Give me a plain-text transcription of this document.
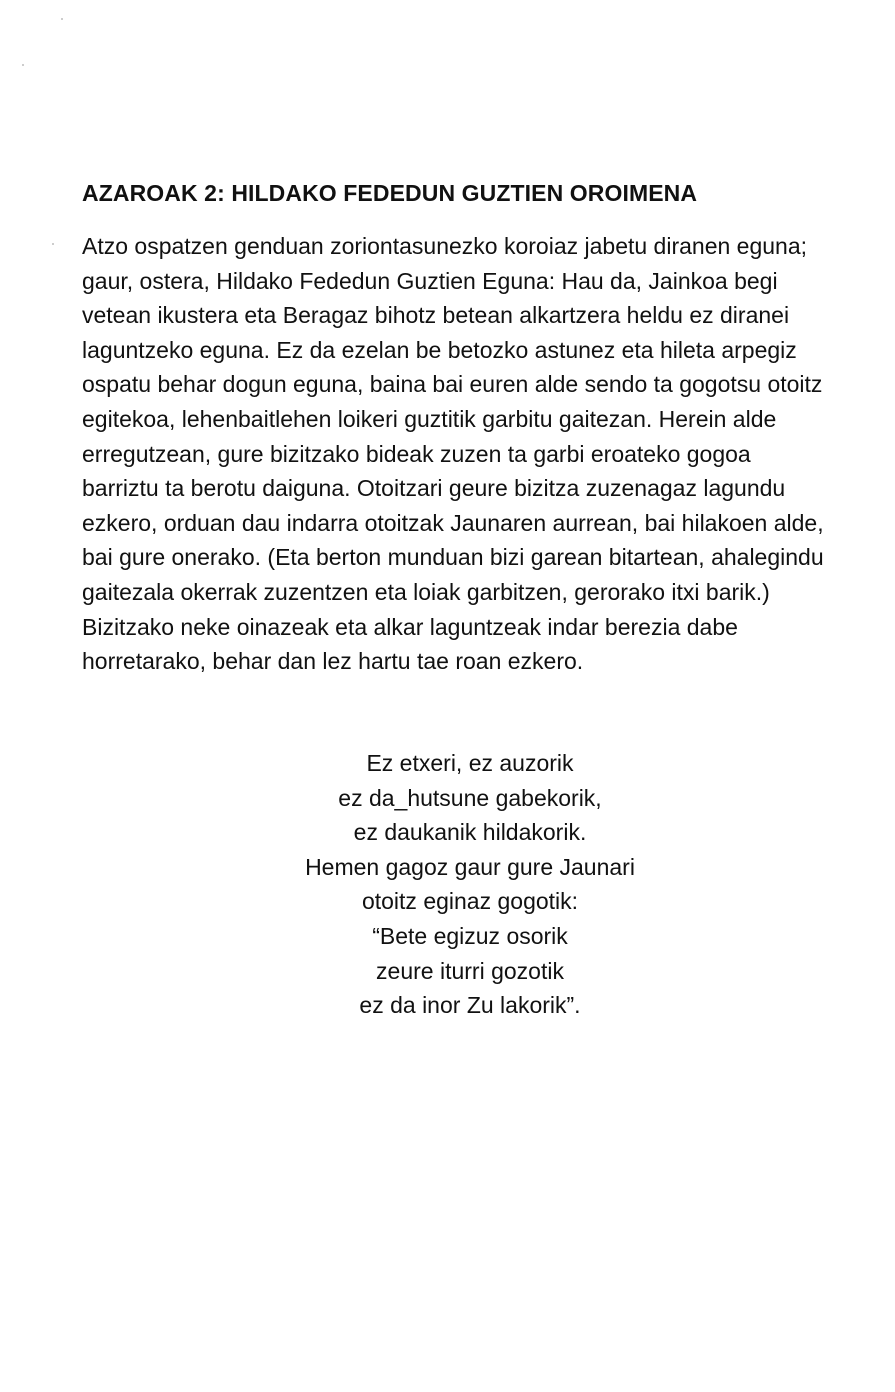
AZAROAK 2: HILDAKO FEDEDUN GUZTIEN OROIMENA
Atzo ospatzen genduan zoriontasunezko koroiaz jabetu diranen eguna;
gaur, ostera, Hildako Fededun Guztien Eguna: Hau da, Jainkoa begi
vetean ikustera eta Beragaz bihotz betean alkartzera heldu ez diranei
laguntzeko eguna. Ez da ezelan be betozko astunez eta hileta arpegiz
ospatu behar dogun eguna, baina bai euren alde sendo ta gogotsu otoitz
egitekoa, lehenbaitlehen loikeri guztitik garbitu gaitezan. Herein alde
erregutzean, gure bizitzako bideak zuzen ta garbi eroateko gogoa
barriztu ta berotu daiguna. Otoitzari geure bizitza zuzenagaz lagundu
ezkero, orduan dau indarra otoitzak Jaunaren aurrean, bai hilakoen alde,
bai gure onerako. (Eta berton munduan bizi garean bitartean, ahalegindu
gaitezala okerrak zuzentzen eta loiak garbitzen, gerorako itxi barik.)
Bizitzako neke oinazeak eta alkar laguntzeak indar berezia dabe
horretarako, behar dan lez hartu tae roan ezkero.
Ez etxeri, ez auzorik
ez da_hutsune gabekorik,
ez daukanik hildakorik.
Hemen gagoz gaur gure Jaunari
otoitz eginaz gogotik:
“Bete egizuz osorik
zeure iturri gozotik
ez da inor Zu lakorik”.
